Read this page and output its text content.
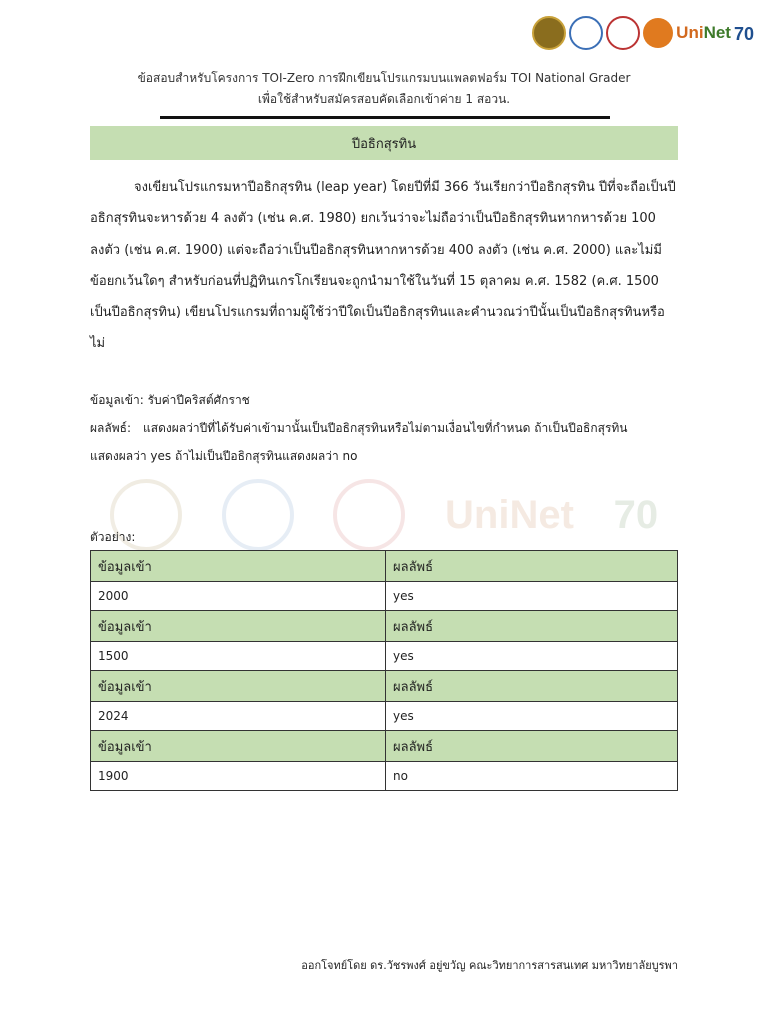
UniNet 70
ข้อสอบสำหรับโครงการ TOI-Zero การฝึกเขียนโปรแกรมบนแพลตฟอร์ม TOI National Grader
เพื่อใช้สำหรับสมัครสอบคัดเลือกเข้าค่าย 1 สอวน.
ปีอธิกสุรทิน

จงเขียนโปรแกรมหาปีอธิกสุรทิน (leap year) โดยปีที่มี 366 วันเรียกว่าปีอธิกสุรทิน ปีที่จะถือเป็นปีอธิกสุรทินจะหารด้วย 4 ลงตัว (เช่น ค.ศ. 1980) ยกเว้นว่าจะไม่ถือว่าเป็นปีอธิกสุรทินหากหารด้วย 100 ลงตัว (เช่น ค.ศ. 1900) แต่จะถือว่าเป็นปีอธิกสุรทินหากหารด้วย 400 ลงตัว (เช่น ค.ศ. 2000) และไม่มีข้อยกเว้นใดๆ สำหรับก่อนที่ปฏิทินเกรโกเรียนจะถูกนำมาใช้ในวันที่ 15 ตุลาคม ค.ศ. 1582 (ค.ศ. 1500 เป็นปีอธิกสุรทิน) เขียนโปรแกรมที่ถามผู้ใช้ว่าปีใดเป็นปีอธิกสุรทินและคำนวณว่าปีนั้นเป็นปีอธิกสุรทินหรือไม่

ข้อมูลเข้า: รับค่าปีคริสต์ศักราช
ผลลัพธ์: แสดงผลว่าปีที่ได้รับค่าเข้ามานั้นเป็นปีอธิกสุรทินหรือไม่ตามเงื่อนไขที่กำหนด ถ้าเป็นปีอธิกสุรทิน
แสดงผลว่า yes ถ้าไม่เป็นปีอธิกสุรทินแสดงผลว่า no
UniNet 70
ตัวอย่าง:
ข้อมูลเข้า	ผลลัพธ์
2000	yes
ข้อมูลเข้า	ผลลัพธ์
1500	yes
ข้อมูลเข้า	ผลลัพธ์
2024	yes
ข้อมูลเข้า	ผลลัพธ์
1900	no
ออกโจทย์โดย ดร.วัชรพงศ์ อยู่ขวัญ คณะวิทยาการสารสนเทศ มหาวิทยาลัยบูรพา
